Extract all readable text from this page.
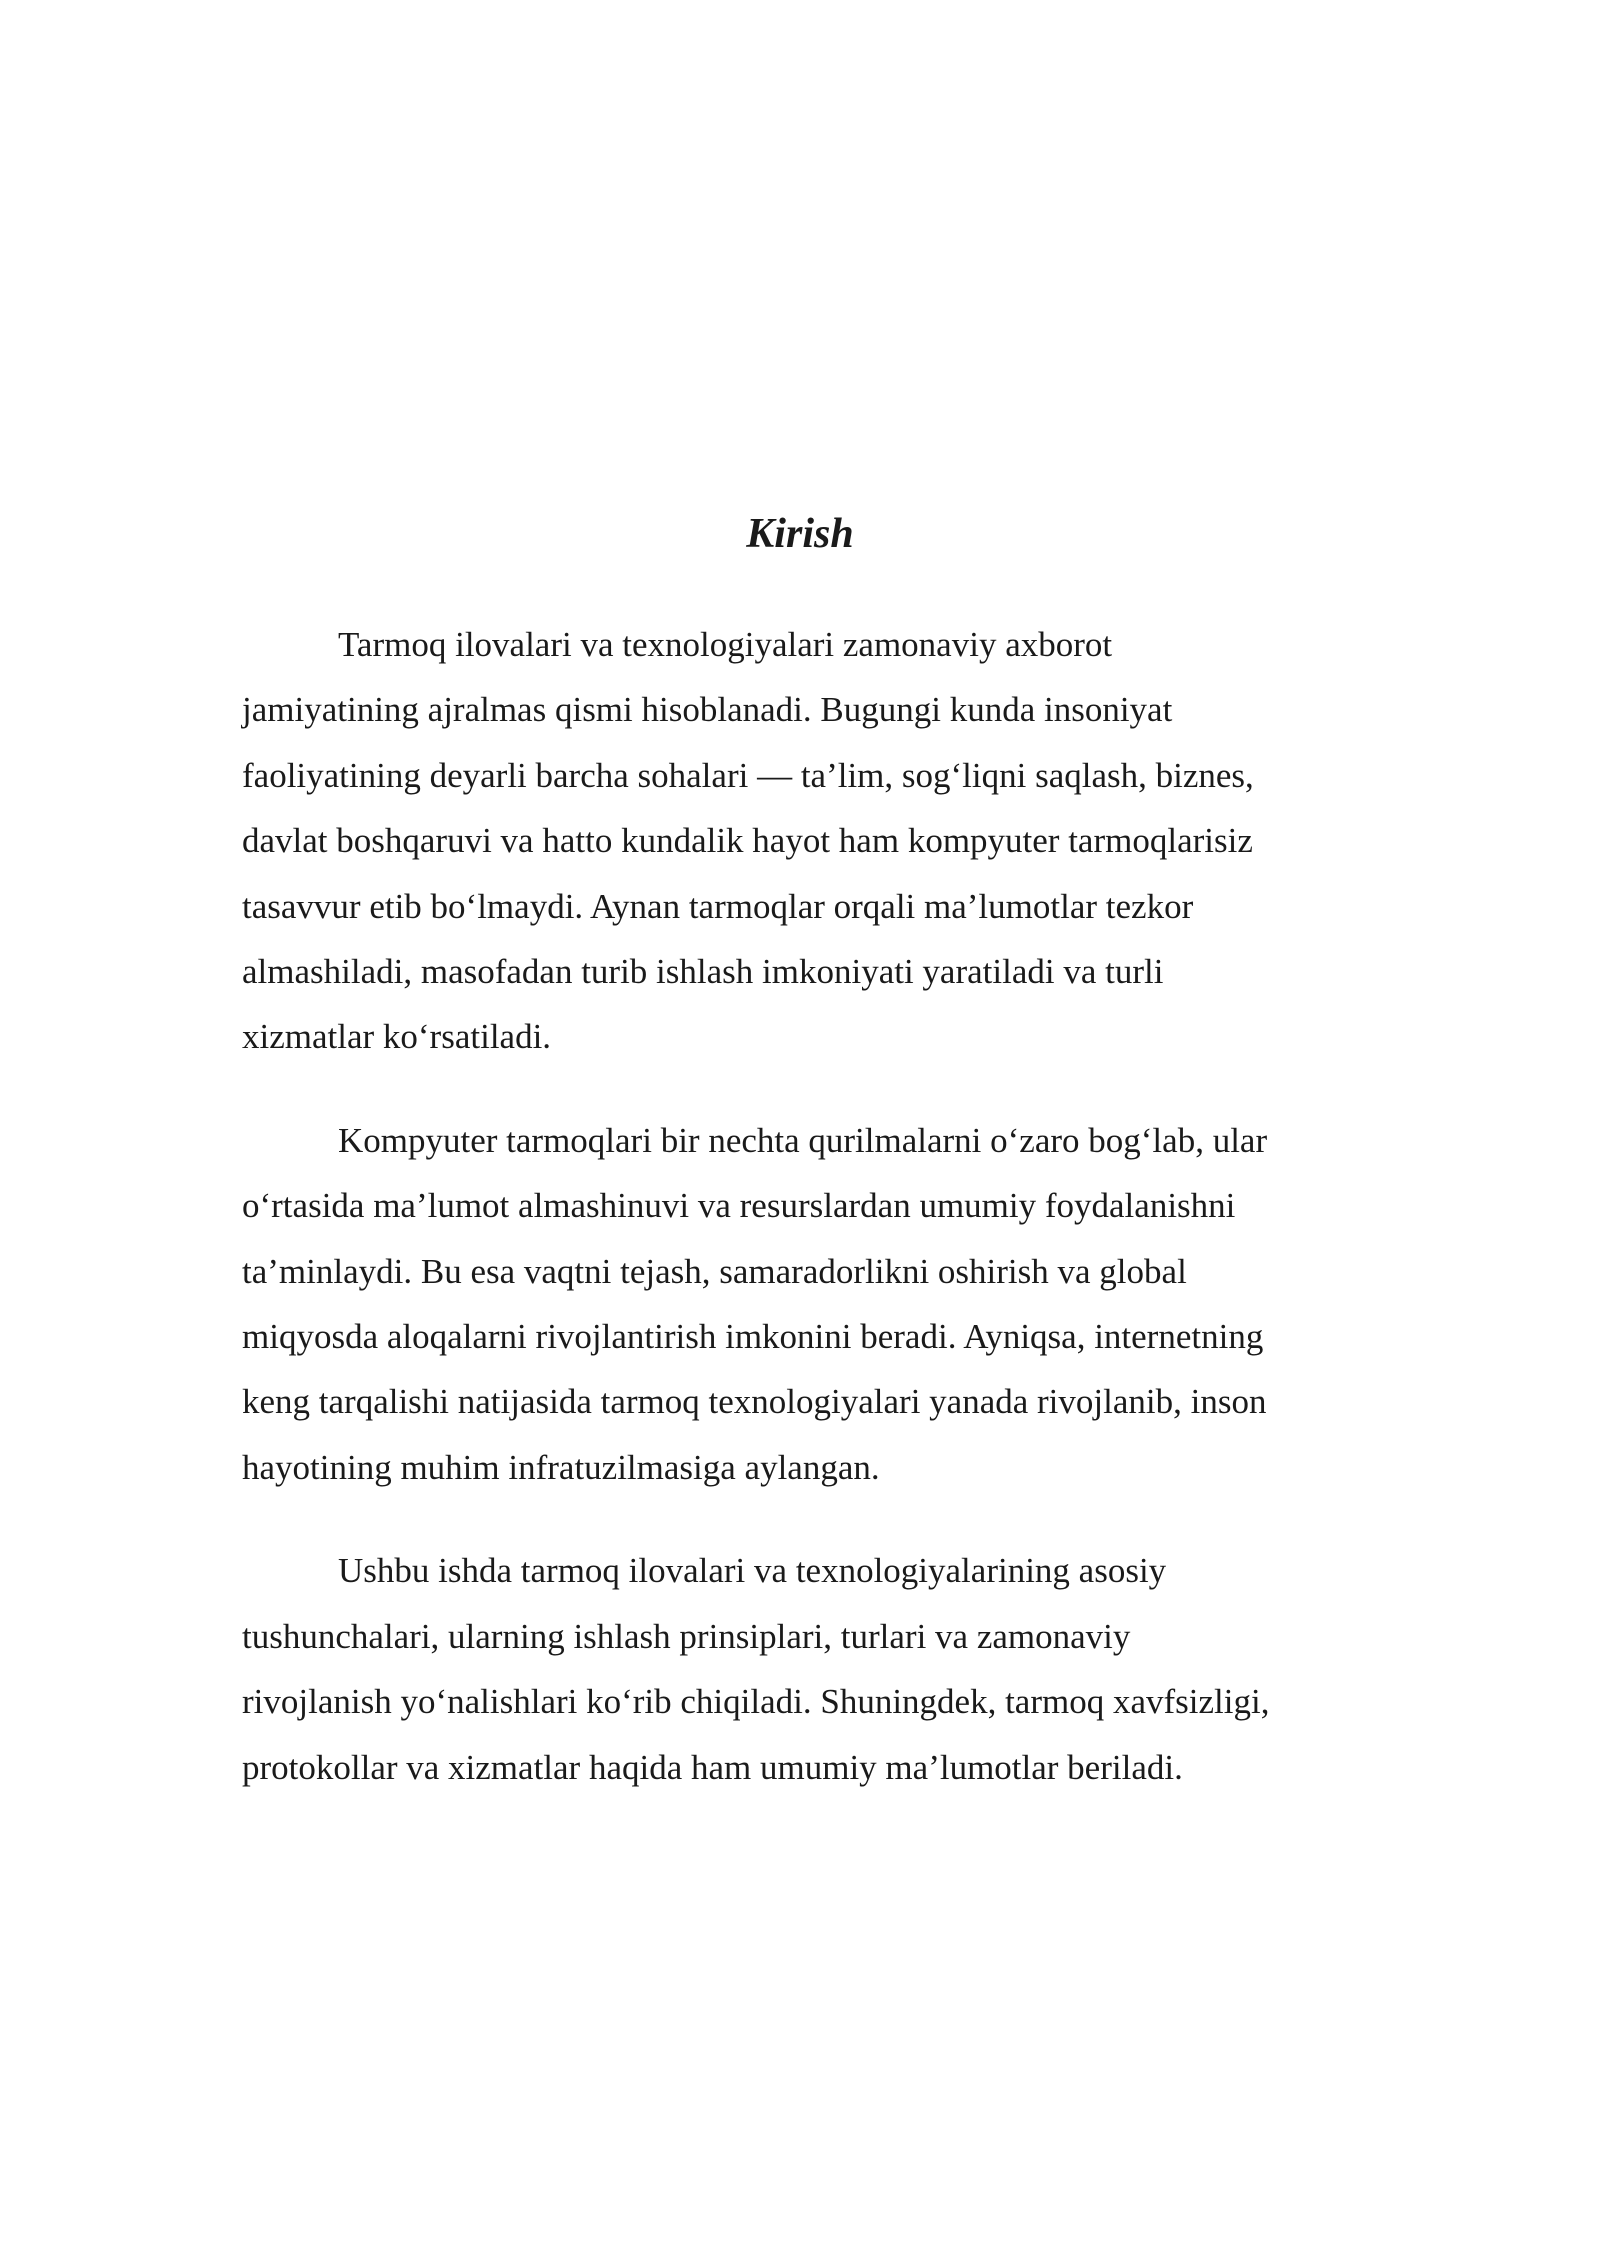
Kirish

Tarmoq ilovalari va texnologiyalari zamonaviy axborot
jamiyatining ajralmas qismi hisoblanadi. Bugungi kunda insoniyat
faoliyatining deyarli barcha sohalari — ta’lim, sog‘liqni saqlash, biznes,
davlat boshqaruvi va hatto kundalik hayot ham kompyuter tarmoqlarisiz
tasavvur etib bo‘lmaydi. Aynan tarmoqlar orqali ma’lumotlar tezkor
almashiladi, masofadan turib ishlash imkoniyati yaratiladi va turli
xizmatlar ko‘rsatiladi.

Kompyuter tarmoqlari bir nechta qurilmalarni o‘zaro bog‘lab, ular
o‘rtasida ma’lumot almashinuvi va resurslardan umumiy foydalanishni
ta’minlaydi. Bu esa vaqtni tejash, samaradorlikni oshirish va global
miqyosda aloqalarni rivojlantirish imkonini beradi. Ayniqsa, internetning
keng tarqalishi natijasida tarmoq texnologiyalari yanada rivojlanib, inson
hayotining muhim infratuzilmasiga aylangan.

Ushbu ishda tarmoq ilovalari va texnologiyalarining asosiy
tushunchalari, ularning ishlash prinsiplari, turlari va zamonaviy
rivojlanish yo‘nalishlari ko‘rib chiqiladi. Shuningdek, tarmoq xavfsizligi,
protokollar va xizmatlar haqida ham umumiy ma’lumotlar beriladi.
